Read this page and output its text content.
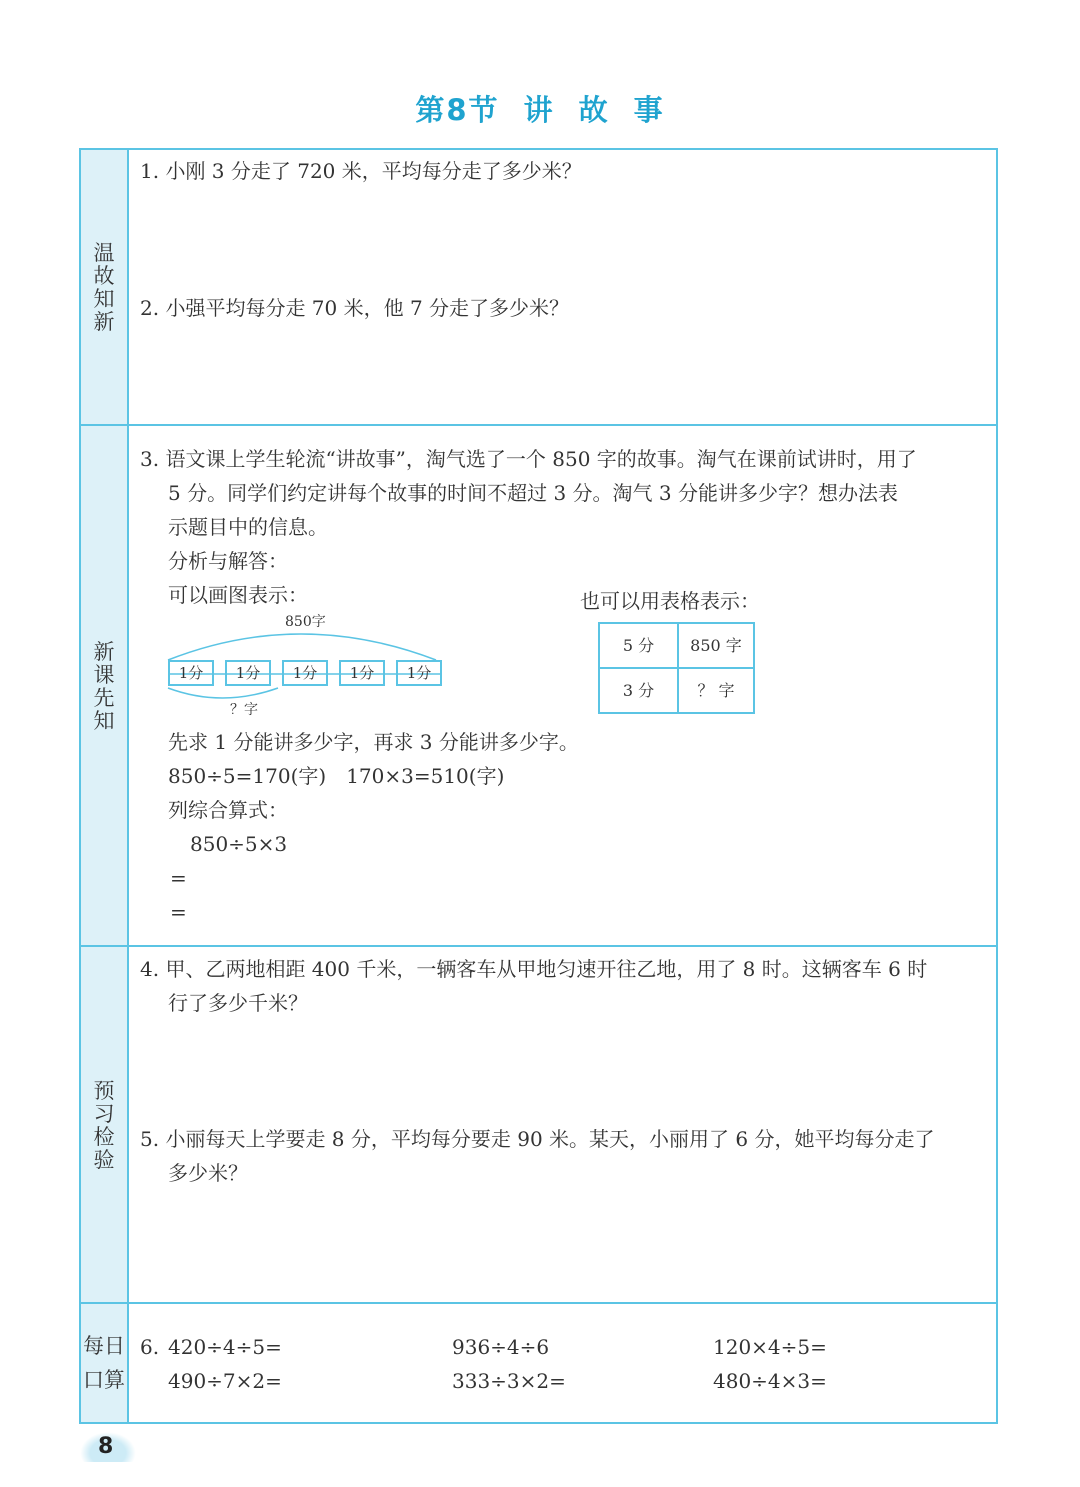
第8节 讲 故 事
温故知新
新课先知
预习检验
每日
口算
1. 小刚 3 分走了 720 米，平均每分走了多少米？
2. 小强平均每分走 70 米，他 7 分走了多少米？
3. 语文课上学生轮流“讲故事”，淘气选了一个 850 字的故事。淘气在课前试讲时，用了
5 分。同学们约定讲每个故事的时间不超过 3 分。淘气 3 分能讲多少字？想办法表
示题目中的信息。
分析与解答：
可以画图表示：	也可以用表格表示：
850字
1分	1分	1分	1分	1分
？字
5 分	850 字
3 分	？ 字
先求 1 分能讲多少字，再求 3 分能讲多少字。
850÷5=170(字)　170×3=510(字)
列综合算式：
850÷5×3
=
=
4. 甲、乙两地相距 400 千米，一辆客车从甲地匀速开往乙地，用了 8 时。这辆客车 6 时
行了多少千米？
5. 小丽每天上学要走 8 分，平均每分要走 90 米。某天，小丽用了 6 分，她平均每分走了
多少米？
6. 420÷4÷5=	936÷4÷6	120×4÷5=
490÷7×2=	333÷3×2=	480÷4×3=
8
